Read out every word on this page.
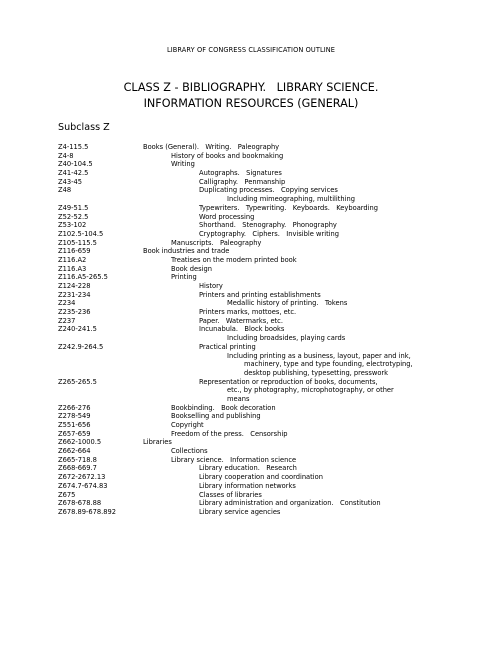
LIBRARY OF CONGRESS CLASSIFICATION OUTLINE
CLASS Z - BIBLIOGRAPHY.   LIBRARY SCIENCE.
INFORMATION RESOURCES (GENERAL)
Subclass Z
Z4-115.5	Books (General).   Writing.   Paleography
Z4-8	History of books and bookmaking
Z40-104.5	Writing
Z41-42.5	Autographs.   Signatures
Z43-45	Calligraphy.   Penmanship
Z48	Duplicating processes.   Copying services
Including mimeographing, multilithing
Z49-51.5	Typewriters.   Typewriting.   Keyboards.   Keyboarding
Z52-52.5	Word processing
Z53-102	Shorthand.   Stenography.   Phonography
Z102.5-104.5	Cryptography.   Ciphers.   Invisible writing
Z105-115.5	Manuscripts.   Paleography
Z116-659	Book industries and trade
Z116.A2	Treatises on the modern printed book
Z116.A3	Book design
Z116.A5-265.5	Printing
Z124-228	History
Z231-234	Printers and printing establishments
Z234	Medallic history of printing.   Tokens
Z235-236	Printers marks, mottoes, etc.
Z237	Paper.   Watermarks, etc.
Z240-241.5	Incunabula.   Block books
Including broadsides, playing cards
Z242.9-264.5	Practical printing
Including printing as a business, layout, paper and ink,
machinery, type and type founding, electrotyping,
desktop publishing, typesetting, presswork
Z265-265.5	Representation or reproduction of books, documents,
etc., by photography, microphotography, or other
means
Z266-276	Bookbinding.   Book decoration
Z278-549	Bookselling and publishing
Z551-656	Copyright
Z657-659	Freedom of the press.   Censorship
Z662-1000.5	Libraries
Z662-664	Collections
Z665-718.8	Library science.   Information science
Z668-669.7	Library education.   Research
Z672-2672.13	Library cooperation and coordination
Z674.7-674.83	Library information networks
Z675	Classes of libraries
Z678-678.88	Library administration and organization.   Constitution
Z678.89-678.892	Library service agencies
